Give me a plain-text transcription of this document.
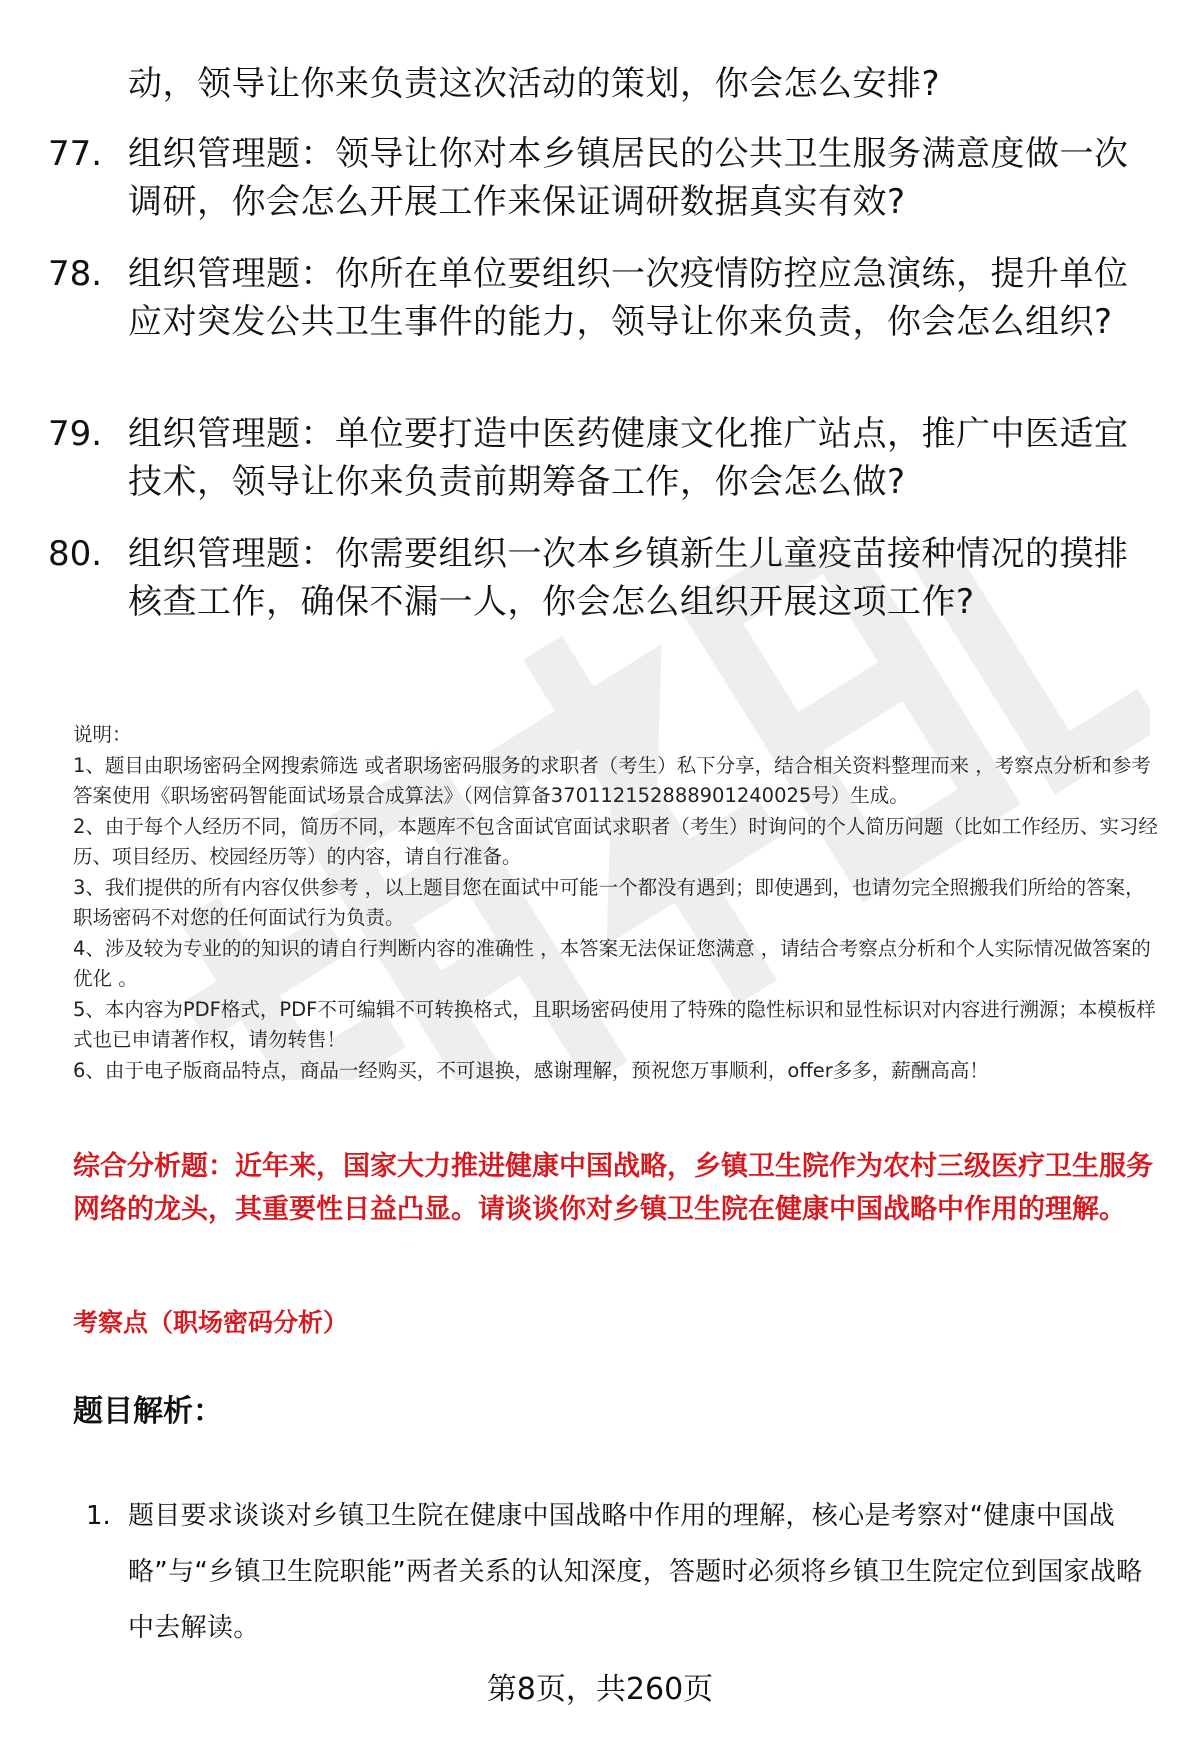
动，领导让你来负责这次活动的策划，你会怎么安排?
77. 组织管理题：领导让你对本乡镇居民的公共卫生服务满意度做一次调研，你会怎么开展工作来保证调研数据真实有效?
78. 组织管理题：你所在单位要组织一次疫情防控应急演练，提升单位应对突发公共卫生事件的能力，领导让你来负责，你会怎么组织?
79. 组织管理题：单位要打造中医药健康文化推广站点，推广中医适宜技术，领导让你来负责前期筹备工作，你会怎么做?
80. 组织管理题：你需要组织一次本乡镇新生儿童疫苗接种情况的摸排核查工作，确保不漏一人，你会怎么组织开展这项工作?
说明：
1、题目由职场密码全网搜索筛选 或者职场密码服务的求职者（考生）私下分享，结合相关资料整理而来 ，考察点分析和参考答案使用《职场密码智能面试场景合成算法》（网信算备370112152888901240025号）生成。
2、由于每个人经历不同，简历不同，本题库不包含面试官面试求职者（考生）时询问的个人简历问题（比如工作经历、实习经历、项目经历、校园经历等）的内容，请自行准备。
3、我们提供的所有内容仅供参考 ，以上题目您在面试中可能一个都没有遇到；即使遇到，也请勿完全照搬我们所给的答案，职场密码不对您的任何面试行为负责。
4、涉及较为专业的的知识的请自行判断内容的准确性 ，本答案无法保证您满意 ，请结合考察点分析和个人实际情况做答案的优化 。
5、本内容为PDF格式，PDF不可编辑不可转换格式，且职场密码使用了特殊的隐性标识和显性标识对内容进行溯源；本模板样式也已申请著作权，请勿转售！
6、由于电子版商品特点，商品一经购买，不可退换，感谢理解，预祝您万事顺利，offer多多，薪酬高高！
综合分析题：近年来，国家大力推进健康中国战略，乡镇卫生院作为农村三级医疗卫生服务网络的龙头，其重要性日益凸显。请谈谈你对乡镇卫生院在健康中国战略中作用的理解。
考察点（职场密码分析）
题目解析：
1. 题目要求谈谈对乡镇卫生院在健康中国战略中作用的理解，核心是考察对“健康中国战略”与“乡镇卫生院职能”两者关系的认知深度，答题时必须将乡镇卫生院定位到国家战略中去解读。
第8页，共260页
